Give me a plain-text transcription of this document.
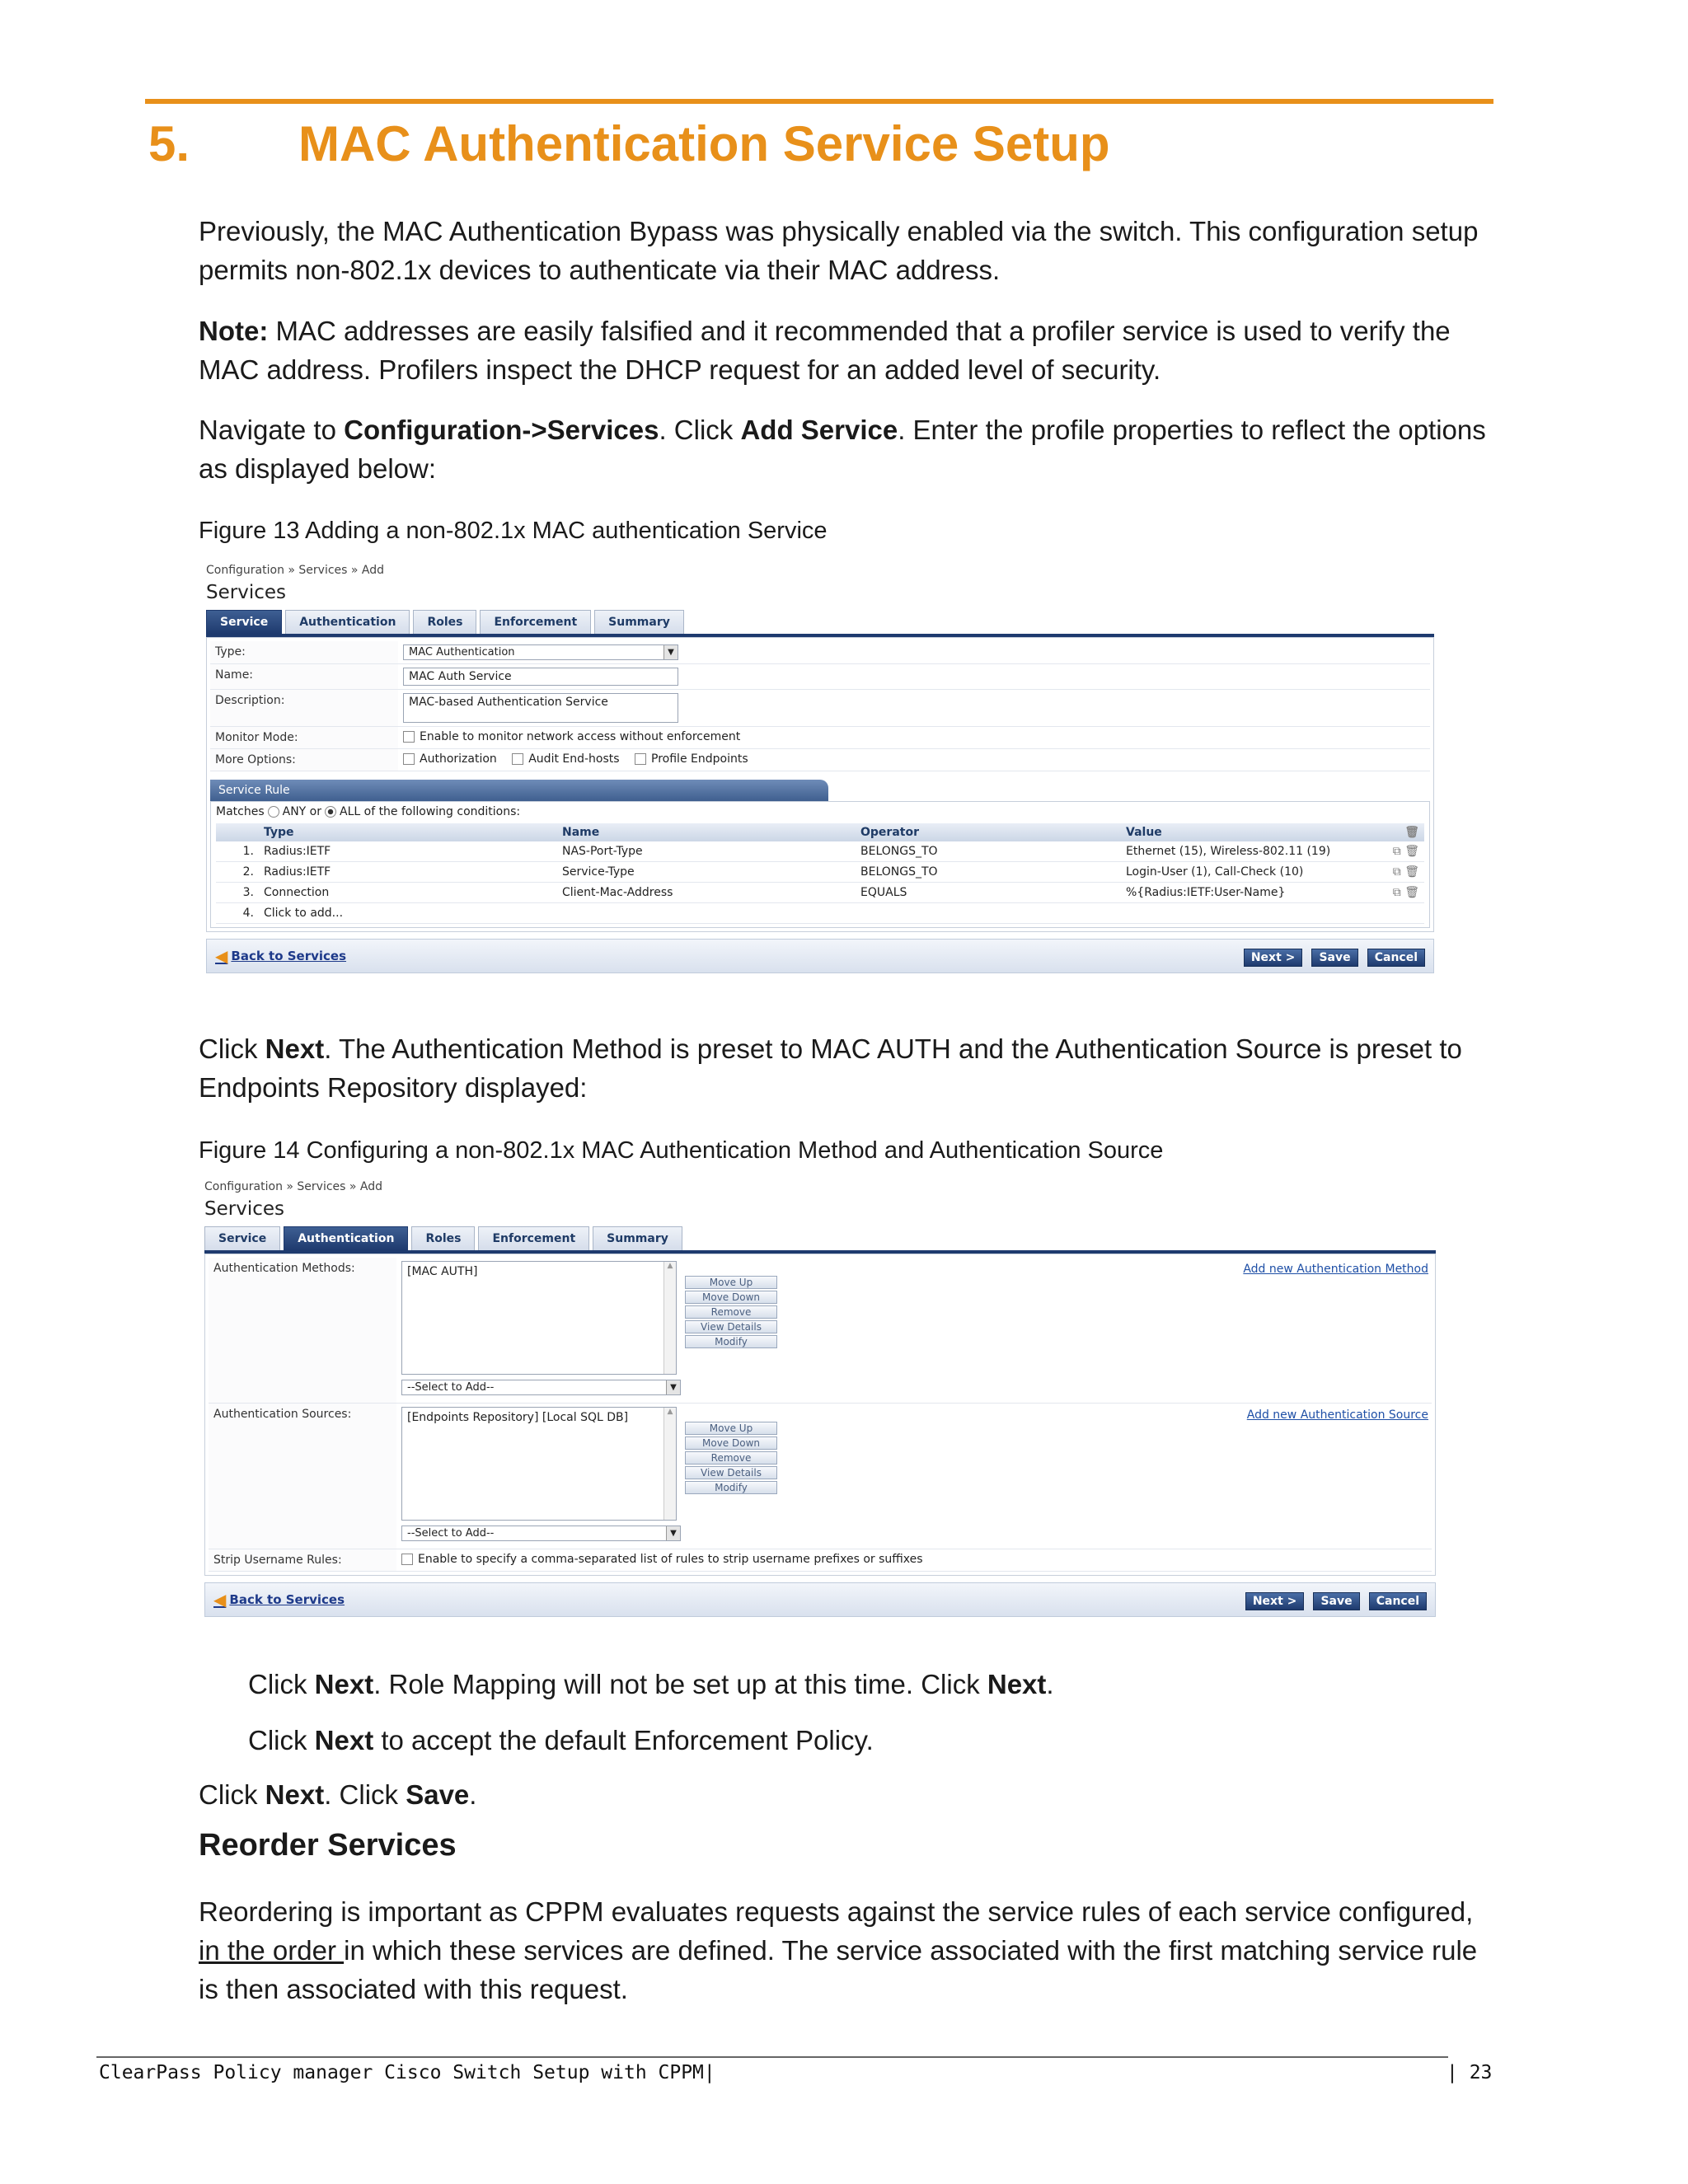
5. MAC Authentication Service Setup
Previously, the MAC Authentication Bypass was physically enabled via the switch. This configuration setup permits non-802.1x devices to authenticate via their MAC address.
Note: MAC addresses are easily falsified and it recommended that a profiler service is used to verify the MAC address. Profilers inspect the DHCP request for an added level of security.
Navigate to Configuration->Services. Click Add Service. Enter the profile properties to reflect the options as displayed below:
Figure 13 Adding a non-802.1x MAC authentication Service
Configuration » Services » Add
Services
Service	Authentication	Roles	Enforcement	Summary
Type:	MAC Authentication	▼
Name:	MAC Auth Service
Description:	MAC-based Authentication Service
Monitor Mode:	Enable to monitor network access without enforcement
More Options:	Authorization	Audit End-hosts	Profile Endpoints
Service Rule
Matches ANY or ALL of the following conditions:
	Type	Name	Operator	Value	🗑
1.	Radius:IETF	NAS-Port-Type	BELONGS_TO	Ethernet (15), Wireless-802.11 (19)	⧉ 🗑
2.	Radius:IETF	Service-Type	BELONGS_TO	Login-User (1), Call-Check (10)	⧉ 🗑
3.	Connection	Client-Mac-Address	EQUALS	%{Radius:IETF:User-Name}	⧉ 🗑
4.	Click to add...				
◀ Back to Services	Next > Save Cancel
Click Next. The Authentication Method is preset to MAC AUTH and the Authentication Source is preset to Endpoints Repository displayed:
Figure 14 Configuring a non-802.1x MAC Authentication Method and Authentication Source
Configuration » Services » Add
Services
Service	Authentication	Roles	Enforcement	Summary
Authentication Methods:	[MAC AUTH]	▲
--Select to Add--	▼
Move Up
Move Down
Remove
View Details
Modify
Add new Authentication Method
Authentication Sources:	[Endpoints Repository] [Local SQL DB]	▲
--Select to Add--	▼
Move Up
Move Down
Remove
View Details
Modify
Add new Authentication Source
Strip Username Rules:	Enable to specify a comma-separated list of rules to strip username prefixes or suffixes
◀ Back to Services	Next > Save Cancel
Click Next. Role Mapping will not be set up at this time. Click Next.
Click Next to accept the default Enforcement Policy.
Click Next. Click Save.
Reorder Services
Reordering is important as CPPM evaluates requests against the service rules of each service configured, in the order in which these services are defined. The service associated with the first matching service rule is then associated with this request.
ClearPass Policy manager Cisco Switch Setup with CPPM|	| 23
